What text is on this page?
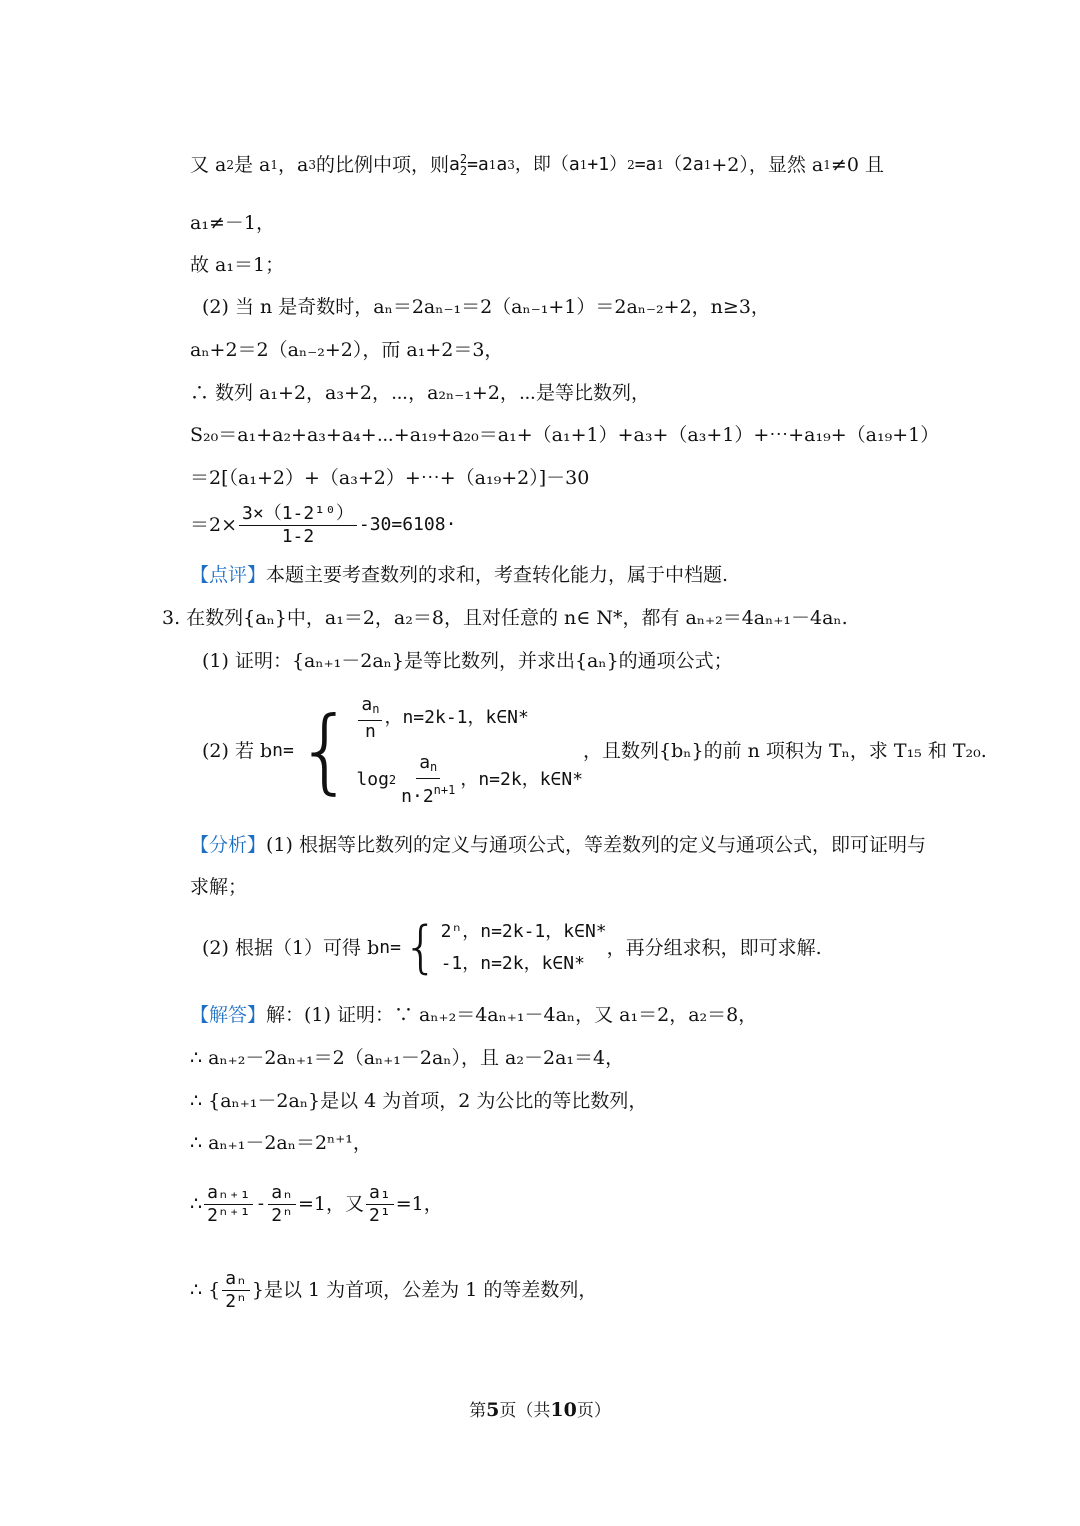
又 a 2 是 a 1 ，a 3 的比例中项，则 a 2
2 =a 1 a 3 ，即（a 1 +1） 2 =a 1 （2a 1 +2），显然 a 1 ≠0 且
a₁≠－1，
故 a₁＝1；
(2) 当 n 是奇数时，aₙ＝2aₙ₋₁＝2（aₙ₋₁+1）＝2aₙ₋₂+2，n≥3，
aₙ+2＝2（aₙ₋₂+2），而 a₁+2＝3，
∴ 数列 a₁+2，a₃+2，⋯，a₂ₙ₋₁+2，⋯是等比数列，
S₂₀＝a₁+a₂+a₃+a₄+⋯+a₁₉+a₂₀＝a₁+（a₁+1）+a₃+（a₃+1）+⋯+a₁₉+（a₁₉+1）
＝2[（a₁+2）+（a₃+2）+⋯+（a₁₉+2）]－30
$=2\times \frac{\text{3×（1-2¹⁰）}}{1-2} -30=6108\cdot$
【点评】 本题主要考查数列的求和，考查转化能力，属于中档题.
3. 在数列{aₙ}中，a₁＝2，a₂＝8，且对任意的 n∈ N*，都有 aₙ₊₂＝4aₙ₊₁－4aₙ.
(1) 证明：{aₙ₊₁－2aₙ}是等比数列，并求出{aₙ}的通项公式；
(2) 若 b n = { $\frac{a_n}{n}$ ， n=2k-1，k∈N*
$\log 2 \frac{a_n}{n\cdot 2^{n+1}}$ ， n=2k，k∈N*
，且数列{bₙ}的前 n 项积为 Tₙ，求 T₁₅ 和 T₂₀.
【分析】 (1) 根据等比数列的定义与通项公式，等差数列的定义与通项公式，即可证明与
求解；
(2) 根据（1）可得 b n = { 2ⁿ，n=2k-1，k∈N*
-1，n=2k，k∈N*
，再分组求积，即可求解.
【解答】 解：(1) 证明：∵ aₙ₊₂＝4aₙ₊₁－4aₙ，又 a₁＝2，a₂＝8，
∴ aₙ₊₂－2aₙ₊₁＝2（aₙ₊₁－2aₙ），且 a₂－2a₁＝4，
∴ {aₙ₊₁－2aₙ}是以 4 为首项，2 为公比的等比数列，
∴ aₙ₊₁－2aₙ＝2ⁿ⁺¹，
∴ $\frac{\text{aₙ₊₁}}{\text{2ⁿ⁺¹}} - \frac{\text{aₙ}}{\text{2ⁿ}} =1$，又 $\frac{\text{a₁}}{\text{2¹}} =1$，
∴ { $\frac{\text{aₙ}}{\text{2ⁿ}}$ }是以 1 为首项，公差为 1 的等差数列，
第5页（共10页）
